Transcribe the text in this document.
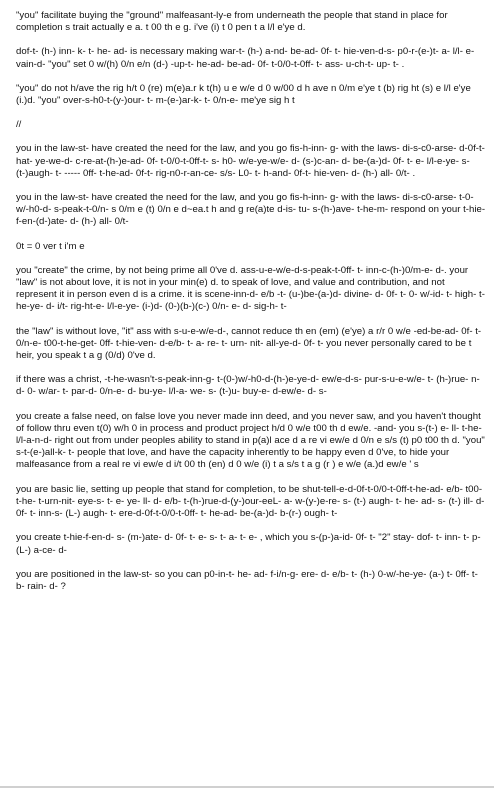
"you" facilitate buying the "ground" malfeasant-ly-e from underneath the people that stand in place for completion s trait actually e a. t 00 th e g. i've (i) t 0 pen t a l/l e'ye d.

dof-t- (h-) inn- k- t- he- ad- is necessary making war-t- (h-) a-nd- be-ad- 0f- t- hie-ven-d-s- p0-r-(e-)t- a- l/l- e- vain-d- "you" set 0 w/(h) 0/n e/n (d-) -up-t- he-ad- be-ad- 0f- t-0/0-t-0ff- t- ass- u-ch-t- up- t- .

"you" do not h/ave the rig h/t 0 (re) m(e)a.r k t(h) u e w/e d 0 w/00 d h ave n 0/m e'ye t (b) rig ht (s) e l/l e'ye (i.)d. "you" over-s-h0-t-(y-)our- t- m-(e-)ar-k- t- 0/n-e- me'ye sig h t

//

you in the law-st- have created the need for the law, and you go fis-h-inn- g- with the laws- di-s-c0-arse- d-0f-t-hat- ye-we-d- c-re-at-(h-)e-ad- 0f- t-0/0-t-0ff-t- s- h0- w/e-ye-w/e- d- (s-)c-an- d- be-(a-)d- 0f- t- e- l/l-e-ye- s-(t-)augh- t- ----- 0ff- t-he-ad- 0f-t- rig-n0-r-an-ce- s/s- L0- t- h-and- 0f-t- hie-ven- d- (h-) all- 0/t- .

you in the law-st- have created the need for the law, and you go fis-h-inn- g- with the laws- di-s-c0-arse- t-0-w/-h0-d- s-peak-t-0/n- s 0/m e (t) 0/n e d~ea.t h and g re(a)te d-is- tu- s-(h-)ave- t-he-m- respond on your t-hie-f-en-(d-)ate- d- (h-) all- 0/t-

0t = 0 ver t i'm e

you "create" the crime, by not being prime all 0've d. ass-u-e-w/e-d-s-peak-t-0ff- t- inn-c-(h-)0/m-e- d-. your "law" is not about love, it is not in your min(e) d. to speak of love, and value and contribution, and not represent it in person even d is a crime. it is scene-inn-d- e/b -t- (u-)be-(a-)d- divine- d- 0f- t- 0- w/-id- t- high- t- he-ye- d- i/t- rig-ht-e- l/l-e-ye- (i-)d- (0-)(b-)(c-) 0/n- e- d- sig-h- t-

the "law" is without love, "it" ass with s-u-e-w/e-d-, cannot reduce th en (em) (e'ye) a r/r 0 w/e -ed-be-ad- 0f- t- 0/n-e- t00-t-he-get- 0ff- t-hie-ven- d-e/b- t- a- re- t- urn- nit- all-ye-d- 0f- t- you never personally cared to be t heir, you speak t a g (0/d) 0've d.

if there was a christ, -t-he-wasn't-s-peak-inn-g- t-(0-)w/-h0-d-(h-)e-ye-d- ew/e-d-s- pur-s-u-e-w/e- t- (h-)rue- n- d- 0- w/ar- t- par-d- 0/n-e- d- bu-ye- l/l-a- we- s- (t-)u- buy-e- d-ew/e- d- s-

you create a false need, on false love you never made inn deed, and you never saw, and you haven't thought of follow thru even t(0) w/h 0 in process and product project h/d 0 w/e t00 th d ew/e. -and- you s-(t-) e- ll- t-he- l/l-a-n-d- right out from under peoples ability to stand in p(a)l ace d a re vi ew/e d 0/n e s/s (t) p0 t00 th d. "you" s-t-(e-)all-k- t- people that love, and have the capacity inherently to be happy even d 0've, to hide your malfeasance from a real re vi ew/e d i/t 00 th (en) d 0 w/e (i) t a s/s t a g (r ) e w/e (a.)d ew/e ' s

you are basic lie, setting up people that stand for completion, to be shut-tell-e-d-0f-t-0/0-t-0ff-t-he-ad- e/b- t00-t-he- t-urn-nit- eye-s- t- e- ye- ll- d- e/b- t-(h-)rue-d-(y-)our-eeL- a- w-(y-)e-re- s- (t-) augh- t- he- ad- s- (t-) ill- d- 0f- t- inn-s- (L-) augh- t- ere-d-0f-t-0/0-t-0ff- t- he-ad- be-(a-)d- b-(r-) ough- t-

you create t-hie-f-en-d- s- (m-)ate- d- 0f- t- e- s- t- a- t- e- , which you s-(p-)a-id- 0f- t- "2" stay- dof- t- inn- t- p- (L-) a-ce- d-

you are positioned in the law-st- so you can p0-in-t- he- ad- f-i/n-g- ere- d- e/b- t- (h-) 0-w/-he-ye- (a-) t- 0ff- t- b- rain- d- ?
